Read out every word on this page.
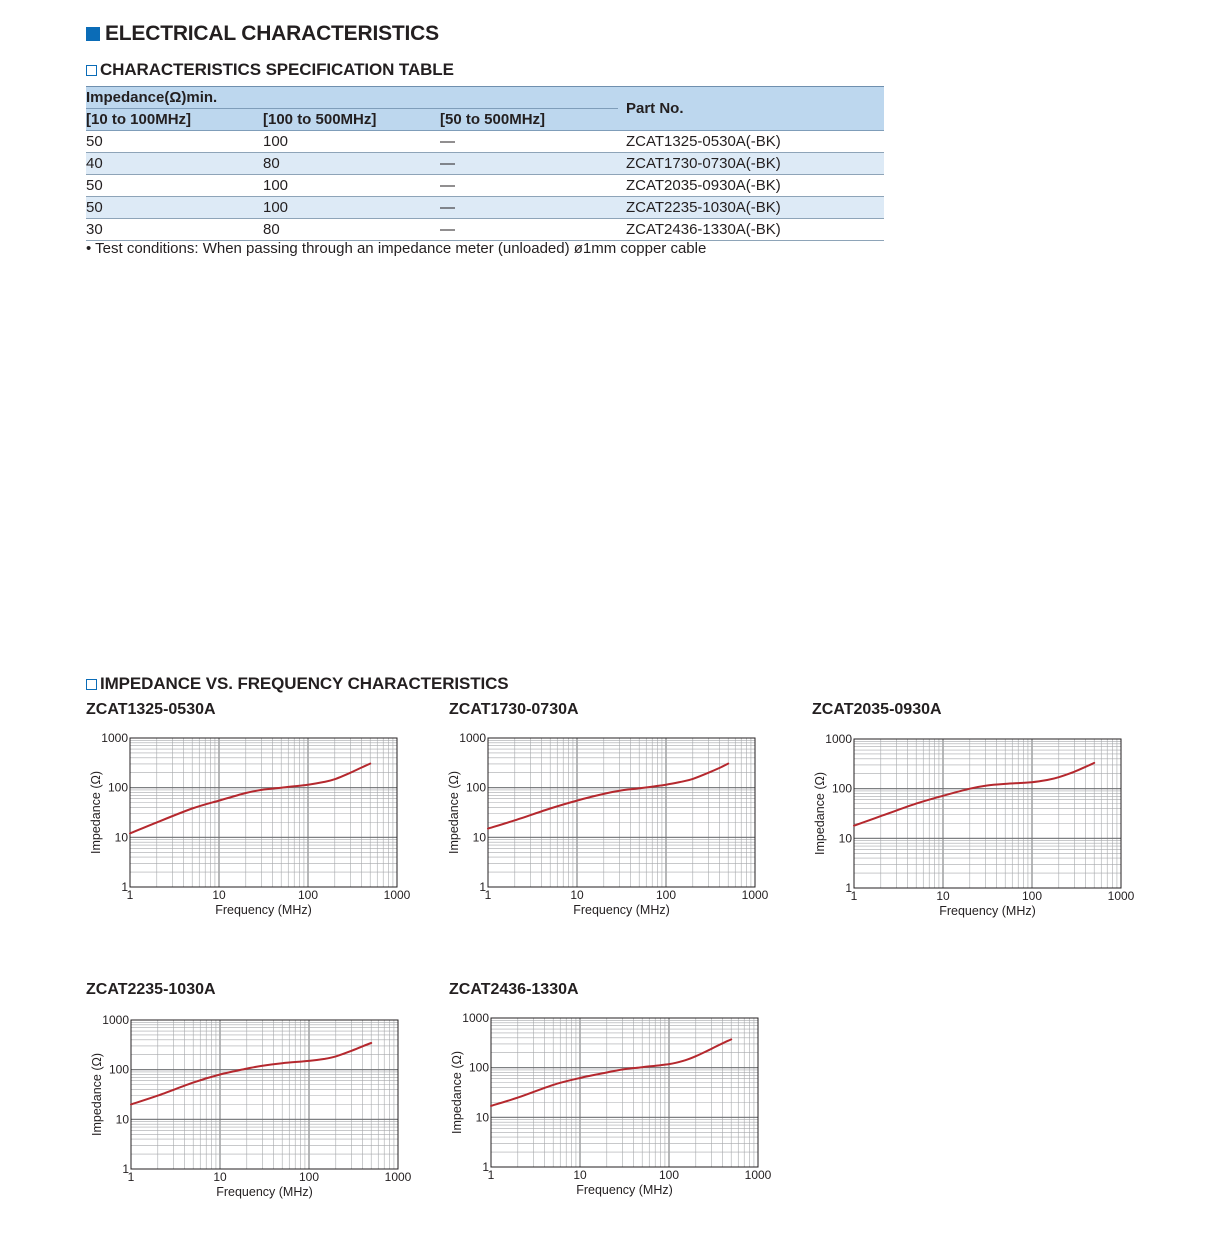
ELECTRICAL CHARACTERISTICS
CHARACTERISTICS SPECIFICATION TABLE
Impedance(Ω)min.			Part No.
[10 to 100MHz]	[100 to 500MHz]	[50 to 500MHz]	
50	100	—	ZCAT1325-0530A(-BK)
40	80	—	ZCAT1730-0730A(-BK)
50	100	—	ZCAT2035-0930A(-BK)
50	100	—	ZCAT2235-1030A(-BK)
30	80	—	ZCAT2436-1330A(-BK)
• Test conditions: When passing through an impedance meter (unloaded) ø1mm copper cable
IMPEDANCE VS. FREQUENCY CHARACTERISTICS
ZCAT1325-0530A	ZCAT1730-0730A	ZCAT2035-0930A
ZCAT2235-1030A	ZCAT2436-1330A
1	10	100	1000
1
10
100
1000
Frequency (MHz)
Impedance (Ω)
1	10	100	1000
1
10
100
1000
Frequency (MHz)
Impedance (Ω)
1	10	100	1000
1
10
100
1000
Frequency (MHz)
Impedance (Ω)
1	10	100	1000
1
10
100
1000
Frequency (MHz)
Impedance (Ω)
1	10	100	1000
1
10
100
1000
Frequency (MHz)
Impedance (Ω)
